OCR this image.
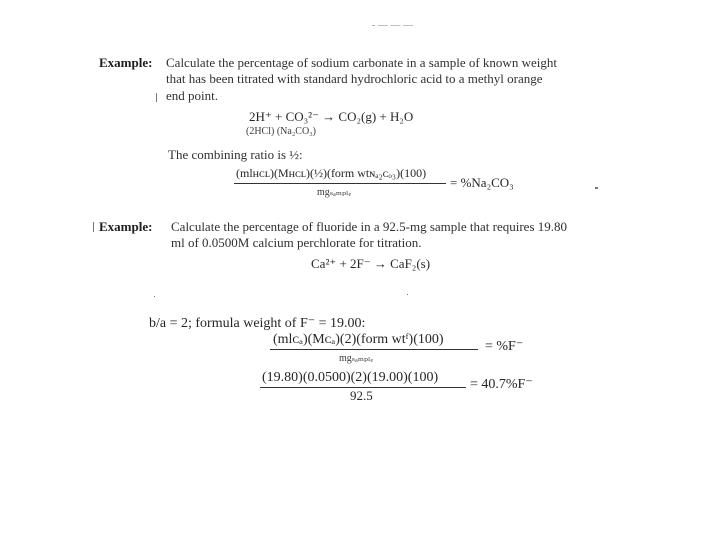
- — — —
Example: Calculate the percentage of sodium carbonate in a sample of known weight
that has been titrated with standard hydrochloric acid to a methyl orange
end point.
2H⁺ + CO₃²⁻ → CO₂(g) + H₂O
(2HCl) (Na₂CO₃)
The combining ratio is ½:
(mlʜᴄʟ)(Mʜᴄʟ)(½)(form wtɴₐ₂ᴄₒ₃)(100)
mgₛₐₘₚₗₑ
= %Na₂CO₃
Example: Calculate the percentage of fluoride in a 92.5-mg sample that requires 19.80
ml of 0.0500M calcium perchlorate for titration.
Ca²⁺ + 2F⁻ → CaF₂(s)
b/a = 2; formula weight of F⁻ = 19.00:
(mlᴄₐ)(Mᴄₐ)(2)(form wtᶠ)(100)
mgₛₐₘₚₗₑ
= %F⁻
(19.80)(0.0500)(2)(19.00)(100)
92.5
= 40.7%F⁻
